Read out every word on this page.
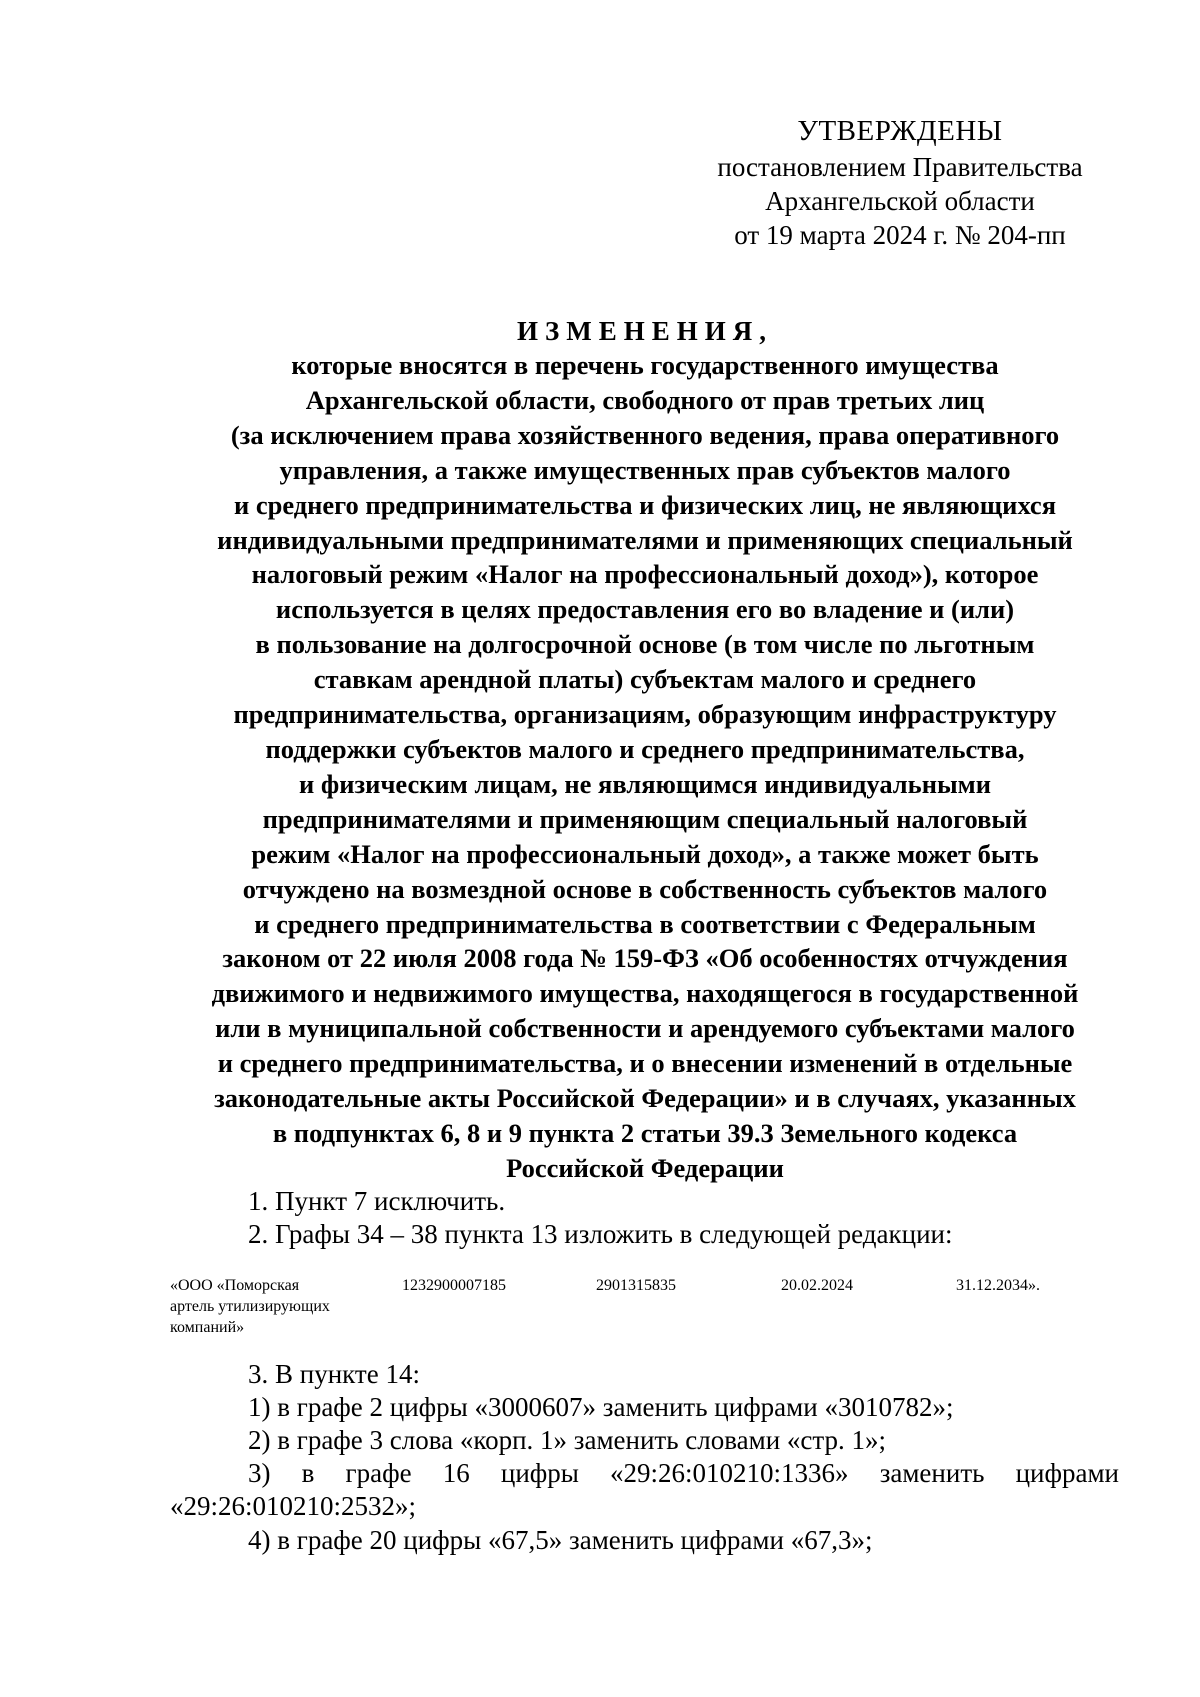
УТВЕРЖДЕНЫ
постановлением Правительства
Архангельской области
от 19 марта 2024 г. № 204-пп
ИЗМЕНЕНИЯ,
которые вносятся в перечень государственного имущества
Архангельской области, свободного от прав третьих лиц
(за исключением права хозяйственного ведения, права оперативного
управления, а также имущественных прав субъектов малого
и среднего предпринимательства и физических лиц, не являющихся
индивидуальными предпринимателями и применяющих специальный
налоговый режим «Налог на профессиональный доход»), которое
используется в целях предоставления его во владение и (или)
в пользование на долгосрочной основе (в том числе по льготным
ставкам арендной платы) субъектам малого и среднего
предпринимательства, организациям, образующим инфраструктуру
поддержки субъектов малого и среднего предпринимательства,
и физическим лицам, не являющимся индивидуальными
предпринимателями и применяющим специальный налоговый
режим «Налог на профессиональный доход», а также может быть
отчуждено на возмездной основе в собственность субъектов малого
и среднего предпринимательства в соответствии с Федеральным
законом от 22 июля 2008 года № 159-ФЗ «Об особенностях отчуждения
движимого и недвижимого имущества, находящегося в государственной
или в муниципальной собственности и арендуемого субъектами малого
и среднего предпринимательства, и о внесении изменений в отдельные
законодательные акты Российской Федерации» и в случаях, указанных
в подпунктах 6, 8 и 9 пункта 2 статьи 39.3 Земельного кодекса
Российской Федерации
1. Пункт 7 исключить.
2. Графы 34 – 38 пункта 13 изложить в следующей редакции:
«ООО «Поморская
артель утилизирующих
компаний»
1232900007185	2901315835	20.02.2024	31.12.2034».
3. В пункте 14:
1) в графе 2 цифры «3000607» заменить цифрами «3010782»;
2) в графе 3 слова «корп. 1» заменить словами «стр. 1»;
3) в графе 16 цифры «29:26:010210:1336» заменить цифрами
«29:26:010210:2532»;
4) в графе 20 цифры «67,5» заменить цифрами «67,3»;
